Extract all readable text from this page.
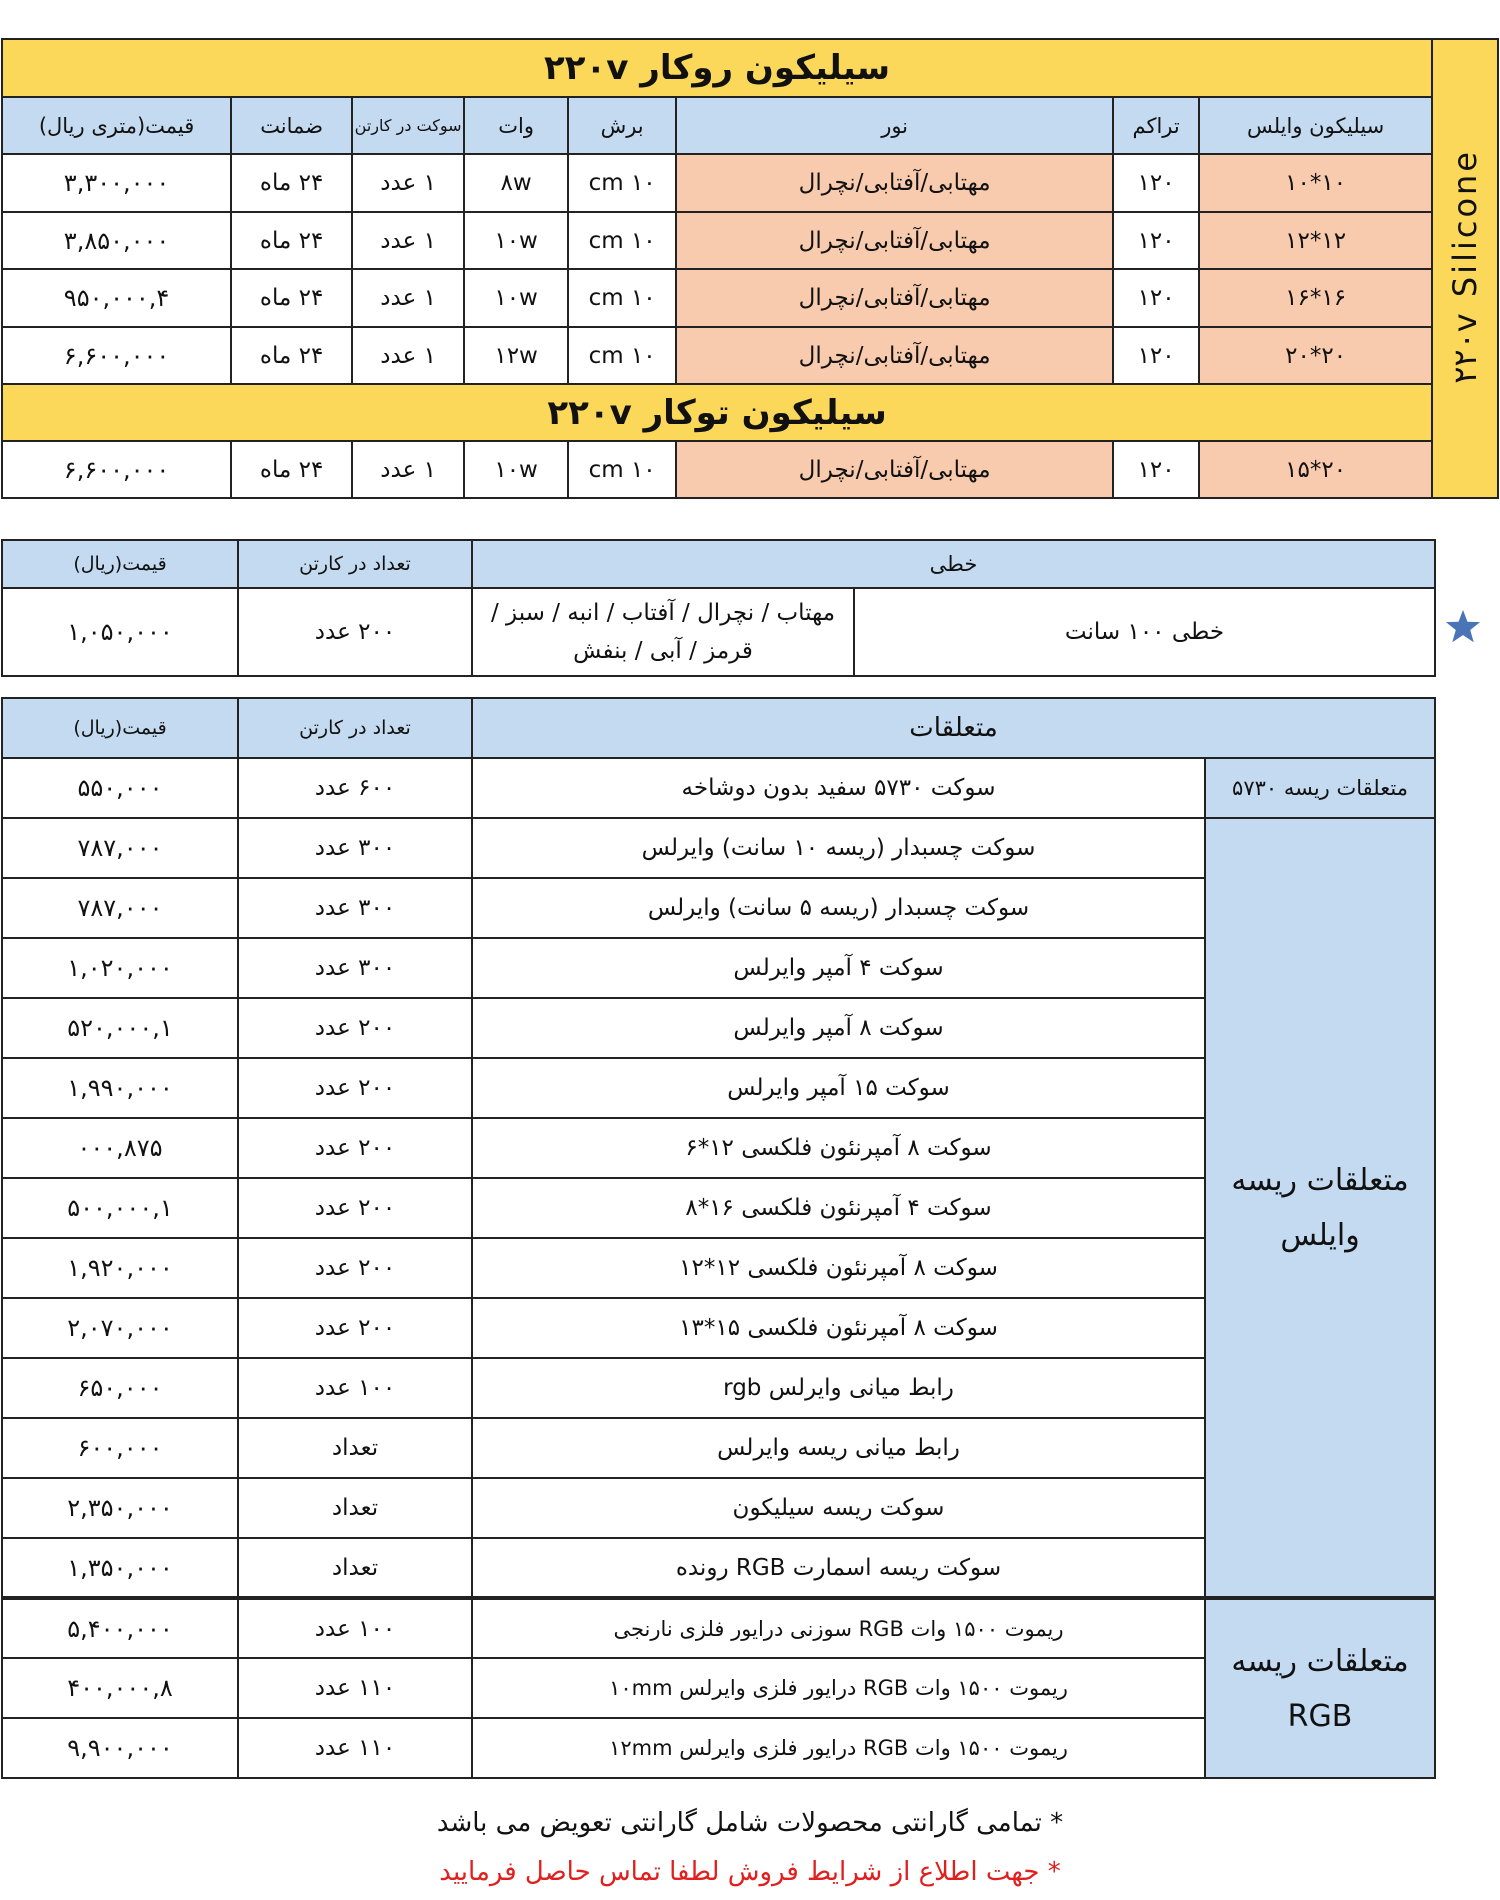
Silicone ٢٢٠v	سیلیکون روکار ٢٢٠v							
	سیلیکون وایلس	تراکم	نور	برش	وات	سوکت در کارتن	ضمانت	قیمت(متری ریال)
	١٠*١٠	١٢٠	مهتابی/آفتابی/نچرال	١٠ cm	٨w	١ عدد	٢۴ ماه	٣,٣٠٠,٠٠٠
	١٢*١٢	١٢٠	مهتابی/آفتابی/نچرال	١٠ cm	١٠w	١ عدد	٢۴ ماه	٣,٨۵٠,٠٠٠
	١۶*١۶	١٢٠	مهتابی/آفتابی/نچرال	١٠ cm	١٠w	١ عدد	٢۴ ماه	۴,٩۵٠,٠٠٠
	٢٠*٢٠	١٢٠	مهتابی/آفتابی/نچرال	١٠ cm	١٢w	١ عدد	٢۴ ماه	۶,۶٠٠,٠٠٠
	سیلیکون توکار ٢٢٠v							
	٢٠*١۵	١٢٠	مهتابی/آفتابی/نچرال	١٠ cm	١٠w	١ عدد	٢۴ ماه	۶,۶٠٠,٠٠٠
خطی		تعداد در کارتن	قیمت(ریال)
خطی ١٠٠ سانت	مهتاب / نچرال / آفتاب / انبه / سبز /
قرمز / آبی / بنفش	٢٠٠ عدد	١,٠۵٠,٠٠٠
متعلقات		تعداد در کارتن	قیمت(ریال)
متعلقات ریسه ۵٧٣٠	سوکت ۵٧٣٠ سفید بدون دوشاخه	۶٠٠ عدد	۵۵٠,٠٠٠

متعلقات ریسه وایلس	سوکت چسبدار (ریسه ١٠ سانت) وایرلس	٣٠٠ عدد	٧٨٧,٠٠٠
	سوکت چسبدار (ریسه ۵ سانت) وایرلس	٣٠٠ عدد	٧٨٧,٠٠٠
	سوکت ۴ آمپر وایرلس	٣٠٠ عدد	١,٠٢٠,٠٠٠
	سوکت ٨ آمپر وایرلس	٢٠٠ عدد	١,۵٢٠,٠٠٠
	سوکت ١۵ آمپر وایرلس	٢٠٠ عدد	١,٩٩٠,٠٠٠
	سوکت ٨ آمپرنئون فلکسی ١٢*۶	٢٠٠ عدد	٨٧۵,٠٠٠
	سوکت ۴ آمپرنئون فلکسی ١۶*٨	٢٠٠ عدد	١,۵٠٠,٠٠٠
	سوکت ٨ آمپرنئون فلکسی ١٢*١٢	٢٠٠ عدد	١,٩٢٠,٠٠٠
	سوکت ٨ آمپرنئون فلکسی ١۵*١٣	٢٠٠ عدد	٢,٠٧٠,٠٠٠
	رابط میانی وایرلس rgb	١٠٠ عدد	۶۵٠,٠٠٠
	رابط میانی ریسه وایرلس	تعداد	۶٠٠,٠٠٠
	سوکت ریسه سیلیکون	تعداد	٢,٣۵٠,٠٠٠
	سوکت ریسه اسمارت RGB رونده	تعداد	١,٣۵٠,٠٠٠

متعلقات ریسه
RGB	ریموت ١۵٠٠ وات RGB سوزنی درایور فلزی نارنجی	١٠٠ عدد	۵,۴٠٠,٠٠٠
	ریموت ١۵٠٠ وات RGB درایور فلزی وایرلس ١٠mm	١١٠ عدد	٨,۴٠٠,٠٠٠
	ریموت ١۵٠٠ وات RGB درایور فلزی وایرلس ١٢mm	١١٠ عدد	٩,٩٠٠,٠٠٠
* تمامی گارانتی محصولات شامل گارانتی تعویض می باشد
* جهت اطلاع از شرایط فروش لطفا تماس حاصل فرمایید
